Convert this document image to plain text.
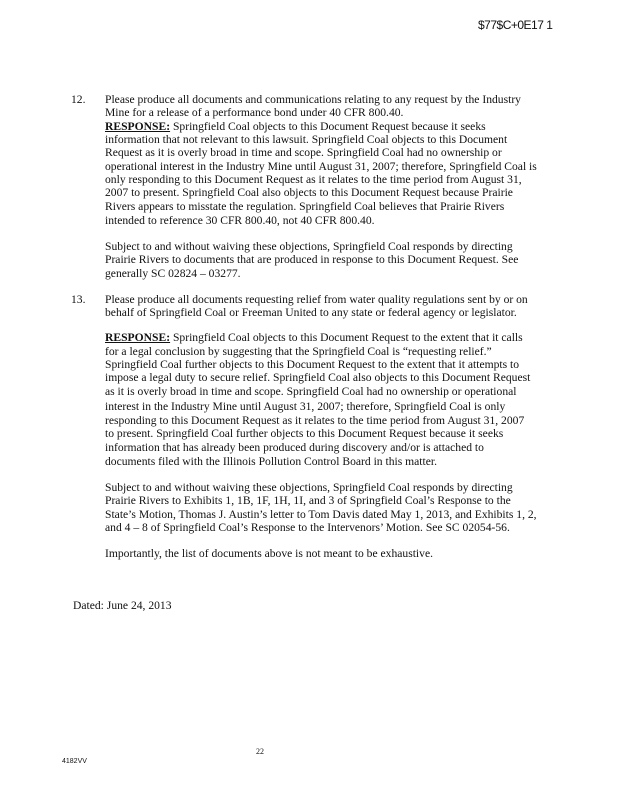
$77$C+0E17 1
12. Please produce all documents and communications relating to any request by the Industry
Mine for a release of a performance bond under 40 CFR 800.40.
RESPONSE: Springfield Coal objects to this Document Request because it seeks
information that not relevant to this lawsuit. Springfield Coal objects to this Document
Request as it is overly broad in time and scope. Springfield Coal had no ownership or
operational interest in the Industry Mine until August 31, 2007; therefore, Springfield Coal is
only responding to this Document Request as it relates to the time period from August 31,
2007 to present. Springfield Coal also objects to this Document Request because Prairie
Rivers appears to misstate the regulation. Springfield Coal believes that Prairie Rivers
intended to reference 30 CFR 800.40, not 40 CFR 800.40.
Subject to and without waiving these objections, Springfield Coal responds by directing
Prairie Rivers to documents that are produced in response to this Document Request. See
generally SC 02824 – 03277.
13. Please produce all documents requesting relief from water quality regulations sent by or on
behalf of Springfield Coal or Freeman United to any state or federal agency or legislator.
RESPONSE: Springfield Coal objects to this Document Request to the extent that it calls
for a legal conclusion by suggesting that the Springfield Coal is “requesting relief.”
Springfield Coal further objects to this Document Request to the extent that it attempts to
impose a legal duty to secure relief. Springfield Coal also objects to this Document Request
as it is overly broad in time and scope. Springfield Coal had no ownership or operational
interest in the Industry Mine until August 31, 2007; therefore, Springfield Coal is only
responding to this Document Request as it relates to the time period from August 31, 2007
to present. Springfield Coal further objects to this Document Request because it seeks
information that has already been produced during discovery and/or is attached to
documents filed with the Illinois Pollution Control Board in this matter.
Subject to and without waiving these objections, Springfield Coal responds by directing
Prairie Rivers to Exhibits 1, 1B, 1F, 1H, 1I, and 3 of Springfield Coal’s Response to the
State’s Motion, Thomas J. Austin’s letter to Tom Davis dated May 1, 2013, and Exhibits 1, 2,
and 4 – 8 of Springfield Coal’s Response to the Intervenors’ Motion. See SC 02054-56.
Importantly, the list of documents above is not meant to be exhaustive.
Dated: June 24, 2013
22
4182VV
